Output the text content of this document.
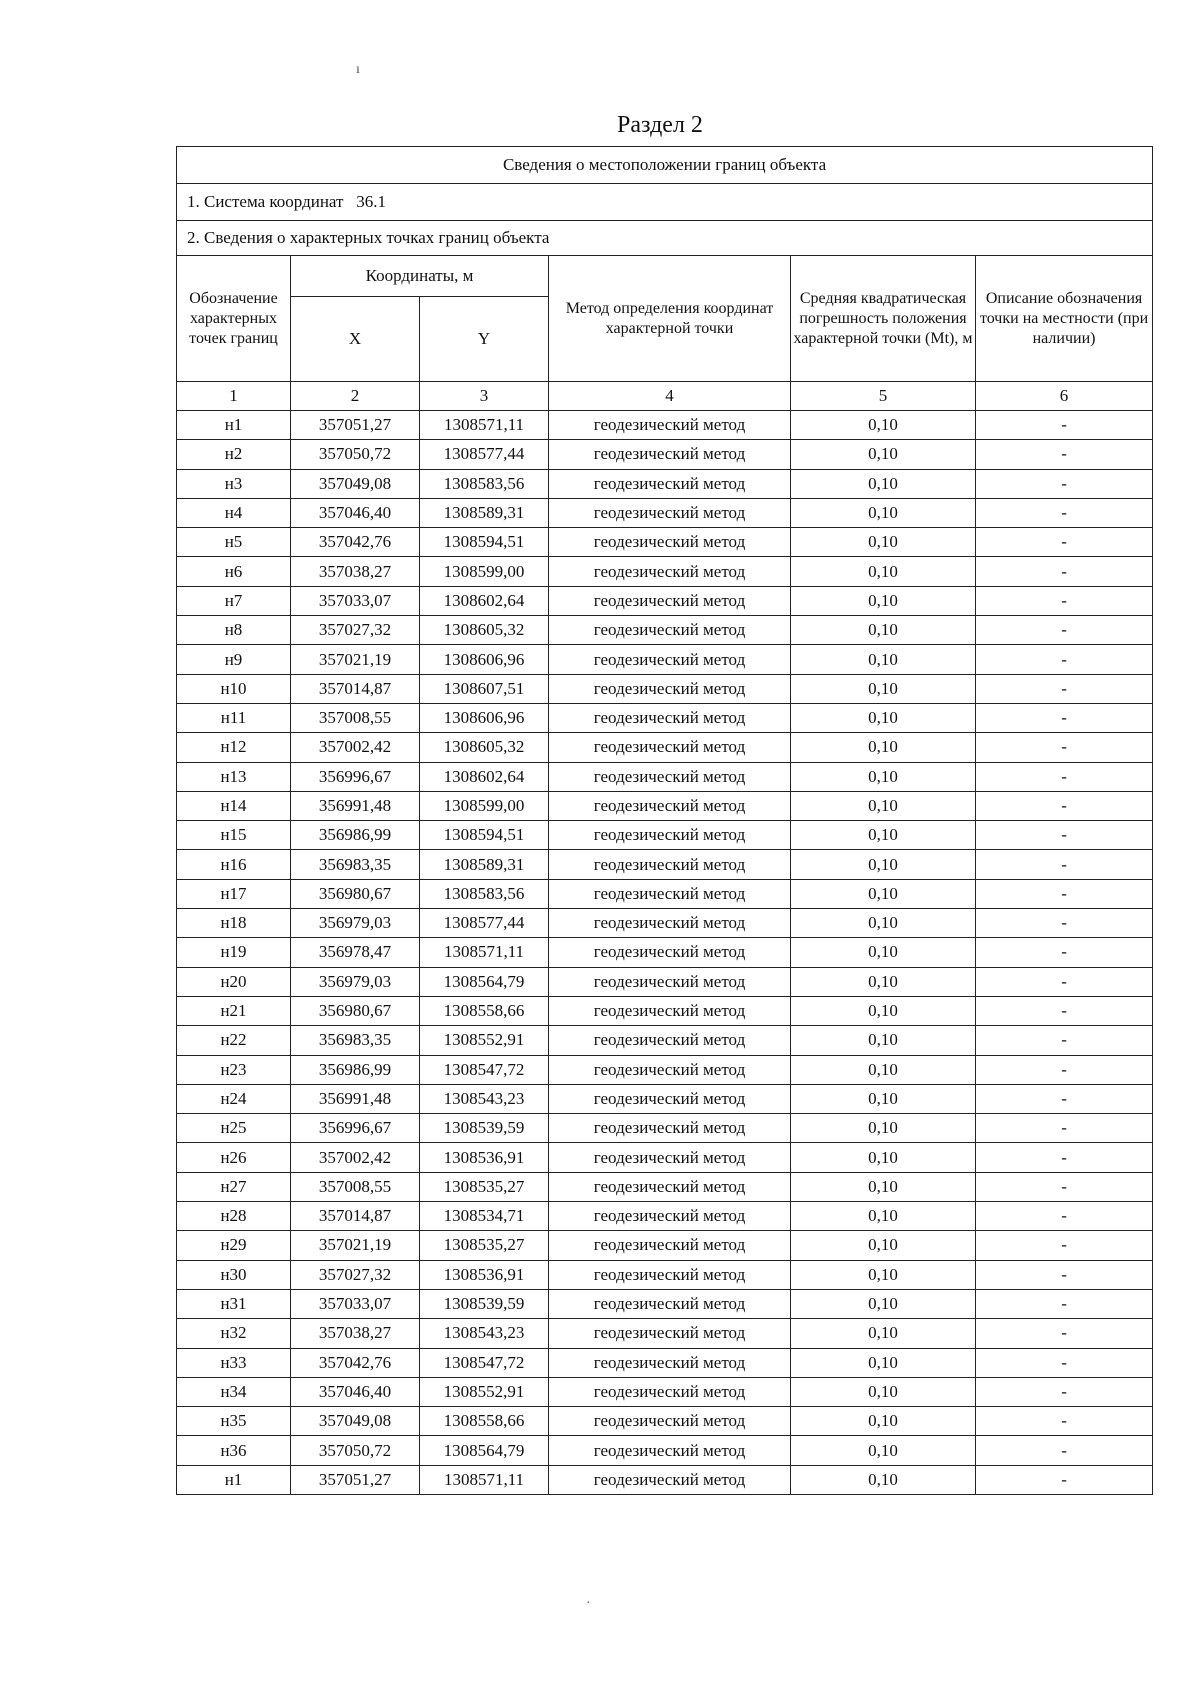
ı
·
Раздел 2
Сведения о местоположении границ объекта					
1. Система координат 36.1					
2. Сведения о характерных точках границ объекта					
Обозначение характерных точек границ	Координаты, м		Метод определения координат характерной точки	Средняя квадратическая погрешность положения характерной точки (Mt), м	Описание обозначения точки на местности (при наличии)
	X	Y			
1	2	3	4	5	6
н1	357051,27	1308571,11	геодезический метод	0,10	-
н2	357050,72	1308577,44	геодезический метод	0,10	-
н3	357049,08	1308583,56	геодезический метод	0,10	-
н4	357046,40	1308589,31	геодезический метод	0,10	-
н5	357042,76	1308594,51	геодезический метод	0,10	-
н6	357038,27	1308599,00	геодезический метод	0,10	-
н7	357033,07	1308602,64	геодезический метод	0,10	-
н8	357027,32	1308605,32	геодезический метод	0,10	-
н9	357021,19	1308606,96	геодезический метод	0,10	-
н10	357014,87	1308607,51	геодезический метод	0,10	-
н11	357008,55	1308606,96	геодезический метод	0,10	-
н12	357002,42	1308605,32	геодезический метод	0,10	-
н13	356996,67	1308602,64	геодезический метод	0,10	-
н14	356991,48	1308599,00	геодезический метод	0,10	-
н15	356986,99	1308594,51	геодезический метод	0,10	-
н16	356983,35	1308589,31	геодезический метод	0,10	-
н17	356980,67	1308583,56	геодезический метод	0,10	-
н18	356979,03	1308577,44	геодезический метод	0,10	-
н19	356978,47	1308571,11	геодезический метод	0,10	-
н20	356979,03	1308564,79	геодезический метод	0,10	-
н21	356980,67	1308558,66	геодезический метод	0,10	-
н22	356983,35	1308552,91	геодезический метод	0,10	-
н23	356986,99	1308547,72	геодезический метод	0,10	-
н24	356991,48	1308543,23	геодезический метод	0,10	-
н25	356996,67	1308539,59	геодезический метод	0,10	-
н26	357002,42	1308536,91	геодезический метод	0,10	-
н27	357008,55	1308535,27	геодезический метод	0,10	-
н28	357014,87	1308534,71	геодезический метод	0,10	-
н29	357021,19	1308535,27	геодезический метод	0,10	-
н30	357027,32	1308536,91	геодезический метод	0,10	-
н31	357033,07	1308539,59	геодезический метод	0,10	-
н32	357038,27	1308543,23	геодезический метод	0,10	-
н33	357042,76	1308547,72	геодезический метод	0,10	-
н34	357046,40	1308552,91	геодезический метод	0,10	-
н35	357049,08	1308558,66	геодезический метод	0,10	-
н36	357050,72	1308564,79	геодезический метод	0,10	-
н1	357051,27	1308571,11	геодезический метод	0,10	-
